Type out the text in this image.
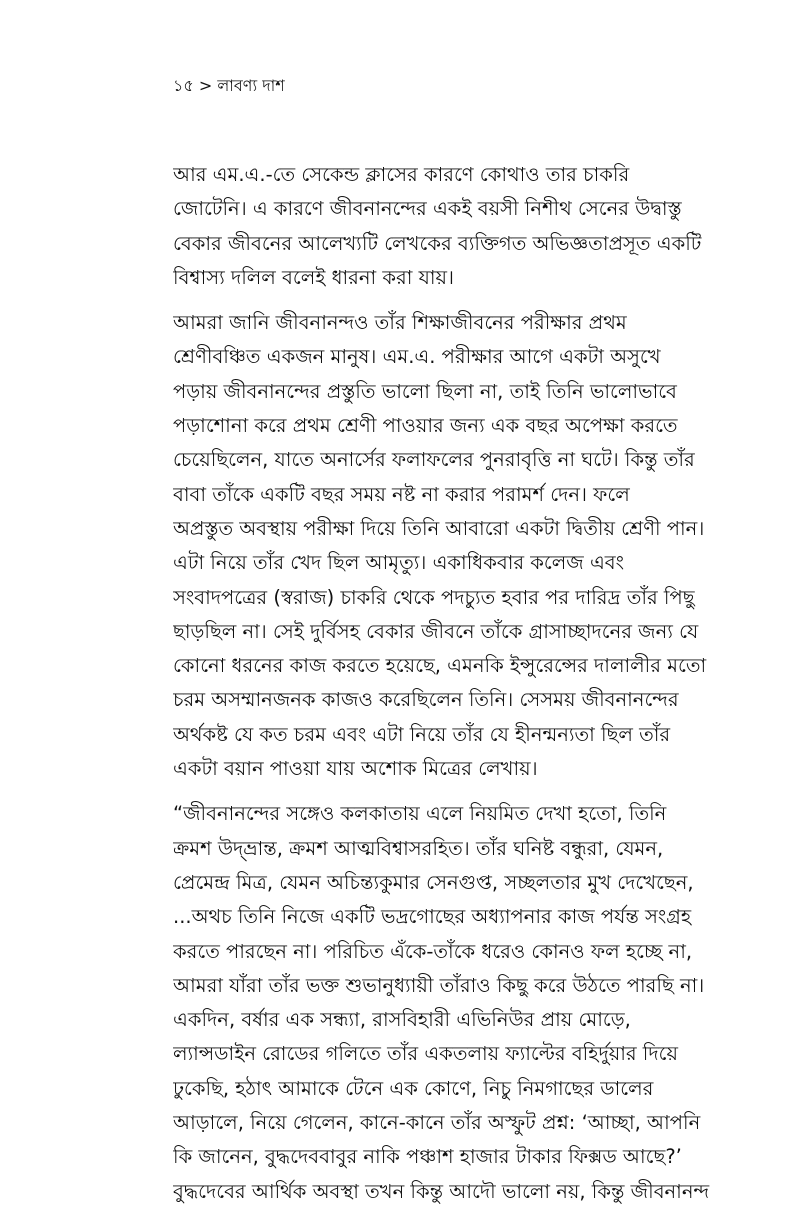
১৫ > লাবণ্য দাশ

আর এম.এ.-তে সেকেন্ড ক্লাসের কারণে কোথাও তার চাকরি
জোটেনি। এ কারণে জীবনানন্দের একই বয়সী নিশীথ সেনের উদ্বাস্তু
বেকার জীবনের আলেখ্যটি লেখকের ব্যক্তিগত অভিজ্ঞতাপ্রসূত একটি
বিশ্বাস্য দলিল বলেই ধারনা করা যায়।

আমরা জানি জীবনানন্দও তাঁর শিক্ষাজীবনের পরীক্ষার প্রথম
শ্রেণীবঞ্চিত একজন মানুষ। এম.এ. পরীক্ষার আগে একটা অসুখে
পড়ায় জীবনানন্দের প্রস্তুতি ভালো ছিলা না, তাই তিনি ভালোভাবে
পড়াশোনা করে প্রথম শ্রেণী পাওয়ার জন্য এক বছর অপেক্ষা করতে
চেয়েছিলেন, যাতে অনার্সের ফলাফলের পুনরাবৃত্তি না ঘটে। কিন্তু তাঁর
বাবা তাঁকে একটি বছর সময় নষ্ট না করার পরামর্শ দেন। ফলে
অপ্রস্তুত অবস্থায় পরীক্ষা দিয়ে তিনি আবারো একটা দ্বিতীয় শ্রেণী পান।
এটা নিয়ে তাঁর খেদ ছিল আমৃত্যু। একাধিকবার কলেজ এবং
সংবাদপত্রের (স্বরাজ) চাকরি থেকে পদচ্যুত হবার পর দারিদ্র তাঁর পিছু
ছাড়ছিল না। সেই দুর্বিসহ বেকার জীবনে তাঁকে গ্রাসাচ্ছাদনের জন্য যে
কোনো ধরনের কাজ করতে হয়েছে, এমনকি ইন্সুরেন্সের দালালীর মতো
চরম অসম্মানজনক কাজও করেছিলেন তিনি। সেসময় জীবনানন্দের
অর্থকষ্ট যে কত চরম এবং এটা নিয়ে তাঁর যে হীনন্মন্যতা ছিল তাঁর
একটা বয়ান পাওয়া যায় অশোক মিত্রের লেখায়।

“জীবনানন্দের সঙ্গেও কলকাতায় এলে নিয়মিত দেখা হতো, তিনি
ক্রমশ উদ্‌ভ্রান্ত, ক্রমশ আত্মবিশ্বাসরহিত। তাঁর ঘনিষ্ট বন্ধুরা, যেমন,
প্রেমেন্দ্র মিত্র, যেমন অচিন্ত্যকুমার সেনগুপ্ত, সচ্ছলতার মুখ দেখেছেন,
...অথচ তিনি নিজে একটি ভদ্রগোছের অধ্যাপনার কাজ পর্যন্ত সংগ্রহ
করতে পারছেন না। পরিচিত এঁকে-তাঁকে ধরেও কোনও ফল হচ্ছে না,
আমরা যাঁরা তাঁর ভক্ত শুভানুধ্যায়ী তাঁরাও কিছু করে উঠতে পারছি না।
একদিন, বর্ষার এক সন্ধ্যা, রাসবিহারী এভিনিউর প্রায় মোড়ে,
ল্যান্সডাইন রোডের গলিতে তাঁর একতলায় ফ্যাল্টের বহির্দুয়ার দিয়ে
ঢুকেছি, হঠাৎ আমাকে টেনে এক কোণে, নিচু নিমগাছের ডালের
আড়ালে, নিয়ে গেলেন, কানে-কানে তাঁর অস্ফুট প্রশ্ন: ‘আচ্ছা, আপনি
কি জানেন, বুদ্ধদেববাবুর নাকি পঞ্চাশ হাজার টাকার ফিক্সড আছে?’
বুদ্ধদেবের আর্থিক অবস্থা তখন কিন্তু আদৌ ভালো নয়, কিন্তু জীবনানন্দ
